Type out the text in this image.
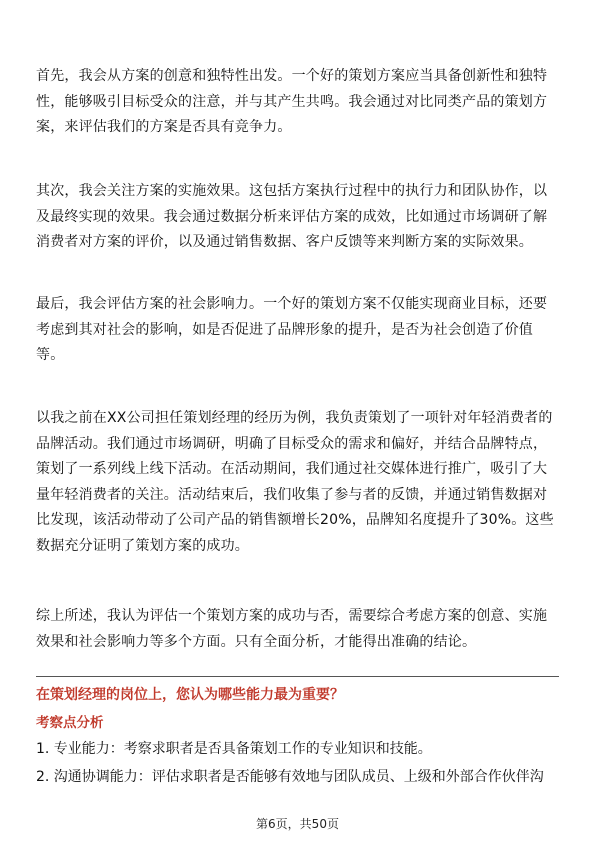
首先，我会从方案的创意和独特性出发。一个好的策划方案应当具备创新性和独特性，能够吸引目标受众的注意，并与其产生共鸣。我会通过对比同类产品的策划方案，来评估我们的方案是否具有竞争力。

其次，我会关注方案的实施效果。这包括方案执行过程中的执行力和团队协作，以及最终实现的效果。我会通过数据分析来评估方案的成效，比如通过市场调研了解消费者对方案的评价，以及通过销售数据、客户反馈等来判断方案的实际效果。

最后，我会评估方案的社会影响力。一个好的策划方案不仅能实现商业目标，还要考虑到其对社会的影响，如是否促进了品牌形象的提升，是否为社会创造了价值等。

以我之前在XX公司担任策划经理的经历为例，我负责策划了一项针对年轻消费者的品牌活动。我们通过市场调研，明确了目标受众的需求和偏好，并结合品牌特点，策划了一系列线上线下活动。在活动期间，我们通过社交媒体进行推广，吸引了大量年轻消费者的关注。活动结束后，我们收集了参与者的反馈，并通过销售数据对比发现，该活动带动了公司产品的销售额增长20%，品牌知名度提升了30%。这些数据充分证明了策划方案的成功。

综上所述，我认为评估一个策划方案的成功与否，需要综合考虑方案的创意、实施效果和社会影响力等多个方面。只有全面分析，才能得出准确的结论。

在策划经理的岗位上，您认为哪些能力最为重要？

考察点分析

1. 专业能力：考察求职者是否具备策划工作的专业知识和技能。

2. 沟通协调能力：评估求职者是否能够有效地与团队成员、上级和外部合作伙伴沟

第6页，共50页
